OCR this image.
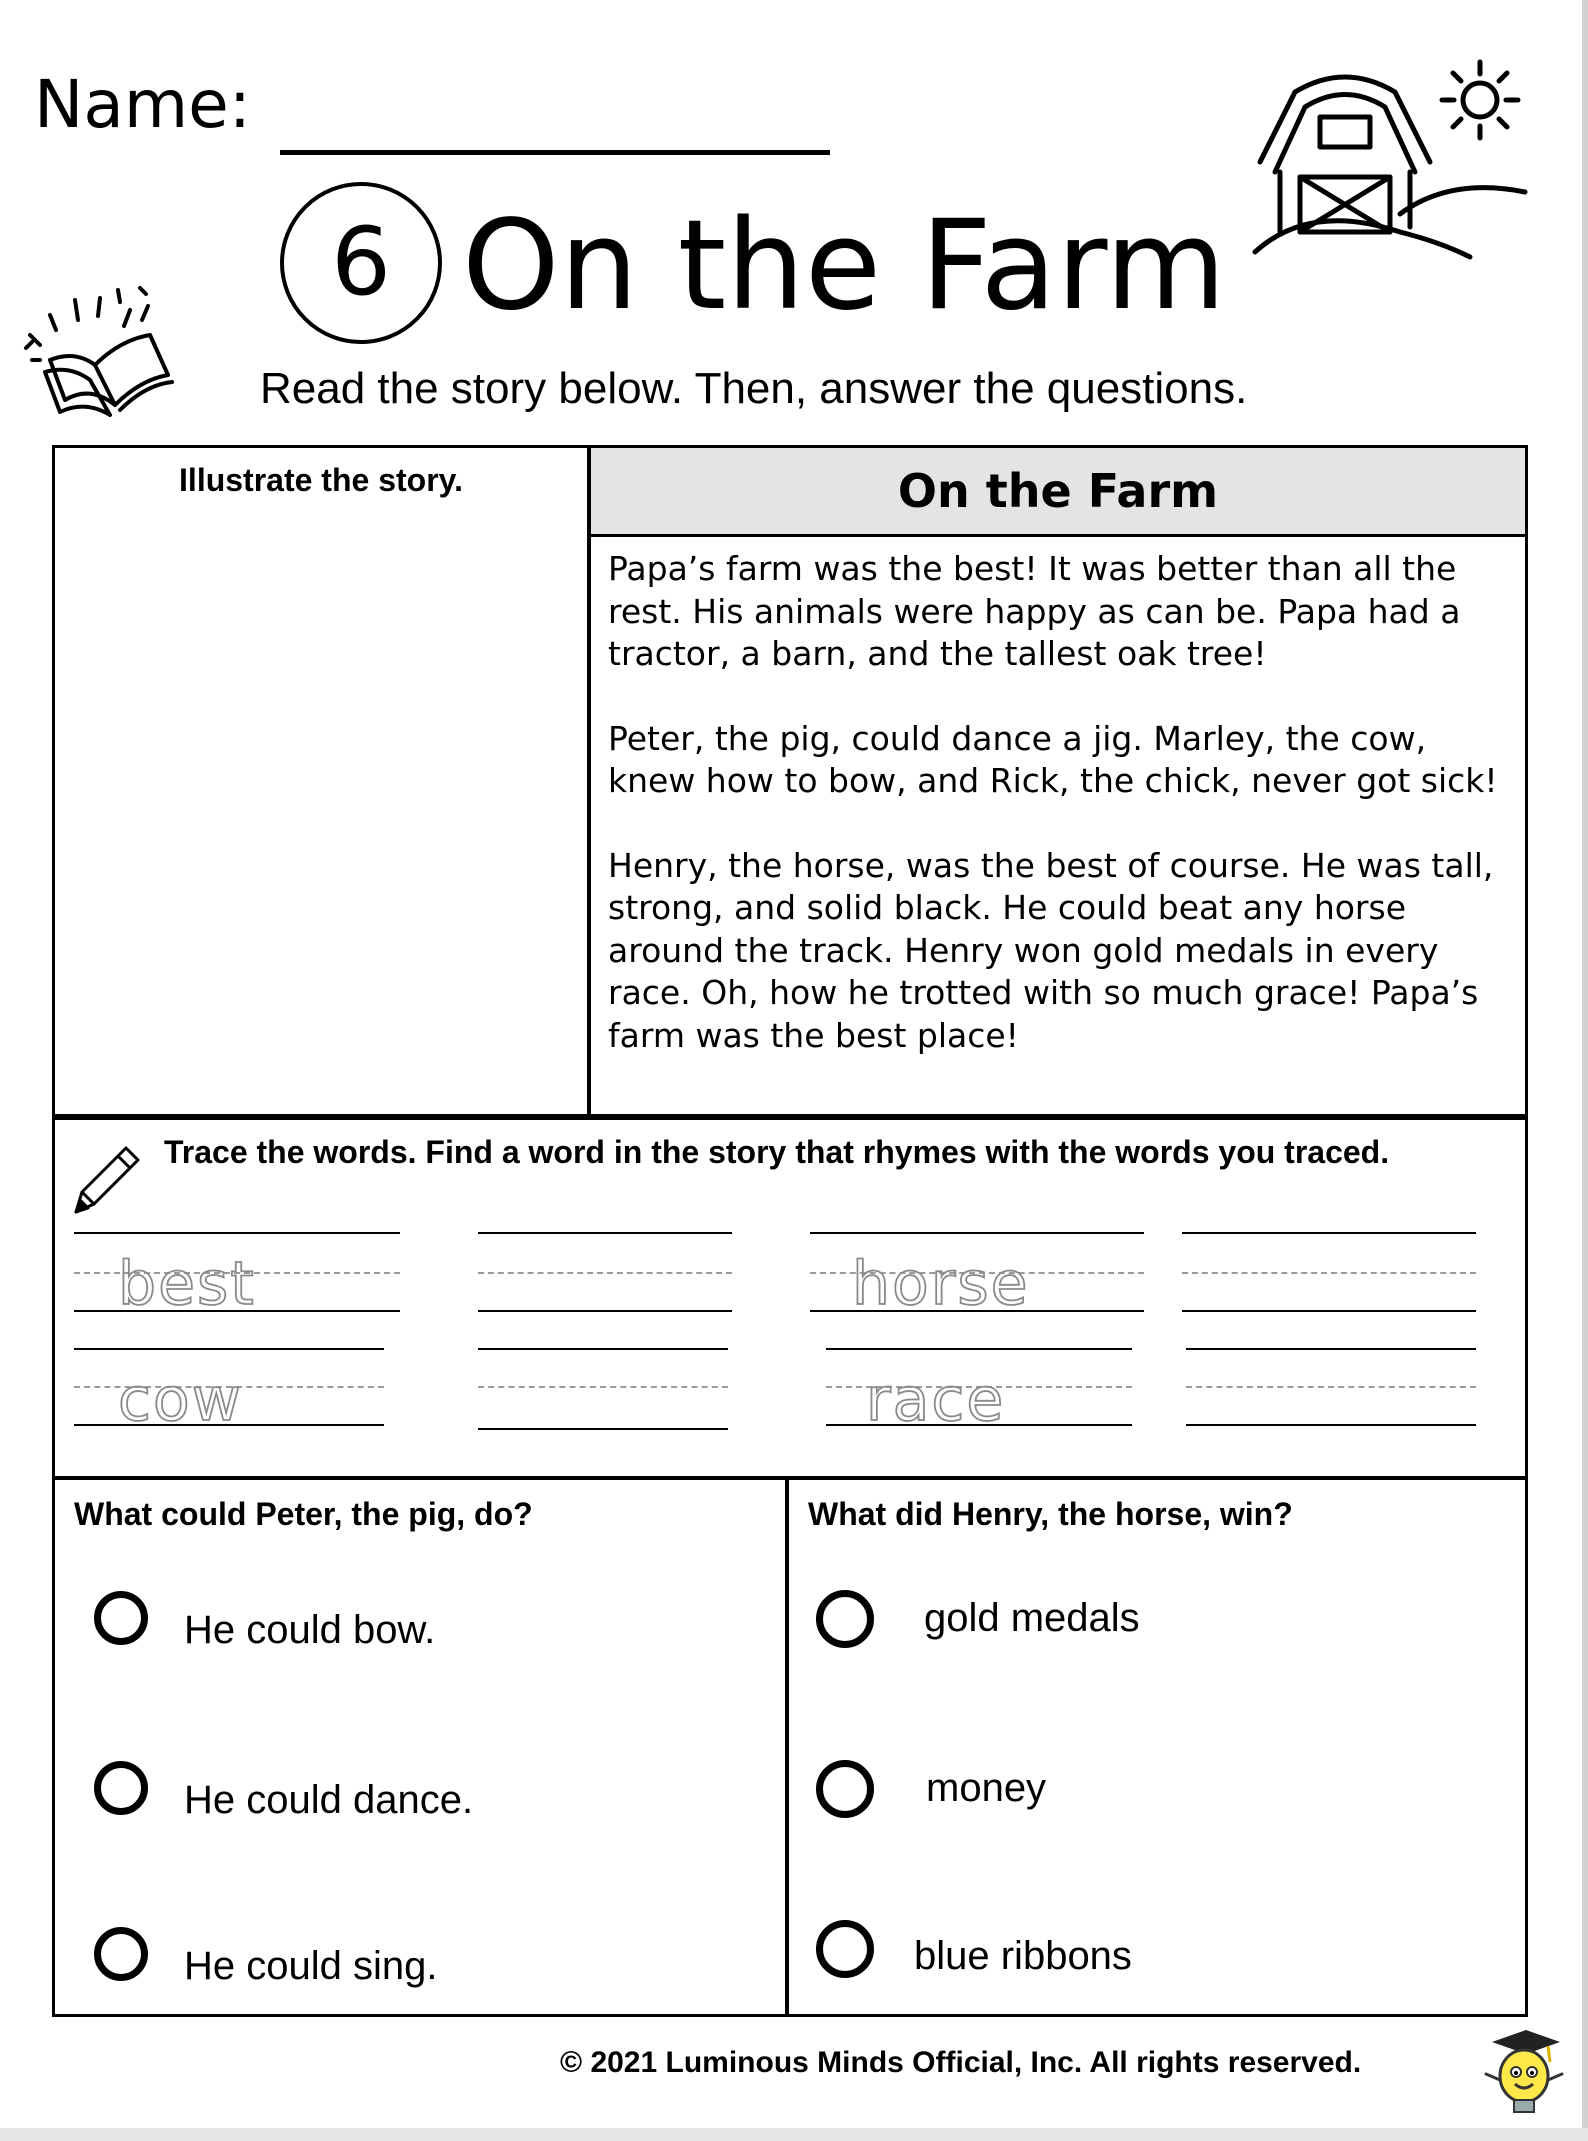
Name:
6 On the Farm
Read the story below. Then, answer the questions.
Illustrate the story.	On the Farm

Papa’s farm was the best! It was better than all the rest. His animals were happy as can be. Papa had a tractor, a barn, and the tallest oak tree!

Peter, the pig, could dance a jig. Marley, the cow, knew how to bow, and Rick, the chick, never got sick!

Henry, the horse, was the best of course. He was tall, strong, and solid black. He could beat any horse around the track. Henry won gold medals in every race. Oh, how he trotted with so much grace! Papa’s farm was the best place!

Trace the words. Find a word in the story that rhymes with the words you traced.
best	horse
cow	race
What could Peter, the pig, do?
He could bow.
He could dance.
He could sing.
What did Henry, the horse, win?
gold medals
money
blue ribbons
© 2021 Luminous Minds Official, Inc. All rights reserved.
